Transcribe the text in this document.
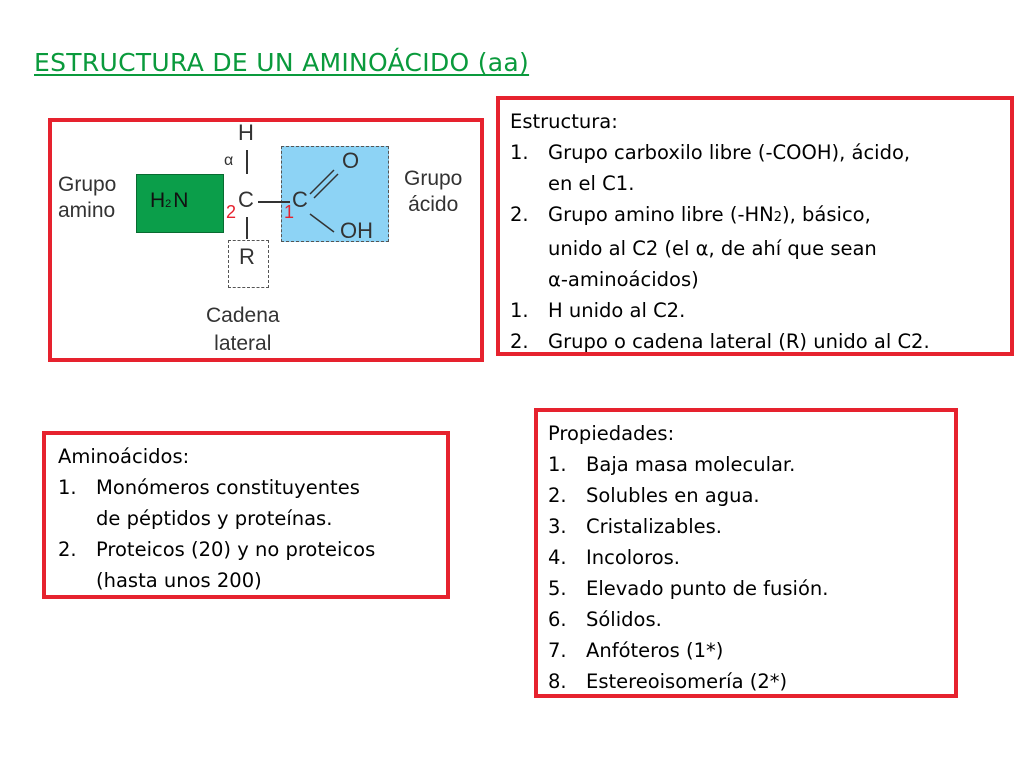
ESTRUCTURA DE UN AMINOÁCIDO (aa)
Grupo
amino
Grupo
ácido
Cadena
lateral
H
α
H2N 2 C 1
C
O
OH
R
Estructura:
1. Grupo carboxilo libre (-COOH), ácido,
en el C1.
2. Grupo amino libre (-HN2), básico,
unido al C2 (el α, de ahí que sean
α-aminoácidos)
1. H unido al C2.
2. Grupo o cadena lateral (R) unido al C2.
Aminoácidos:
1. Monómeros constituyentes
de péptidos y proteínas.
2. Proteicos (20) y no proteicos
(hasta unos 200)
Propiedades:
1. Baja masa molecular.
2. Solubles en agua.
3. Cristalizables.
4. Incoloros.
5. Elevado punto de fusión.
6. Sólidos.
7. Anfóteros (1*)
8. Estereoisomería (2*)
